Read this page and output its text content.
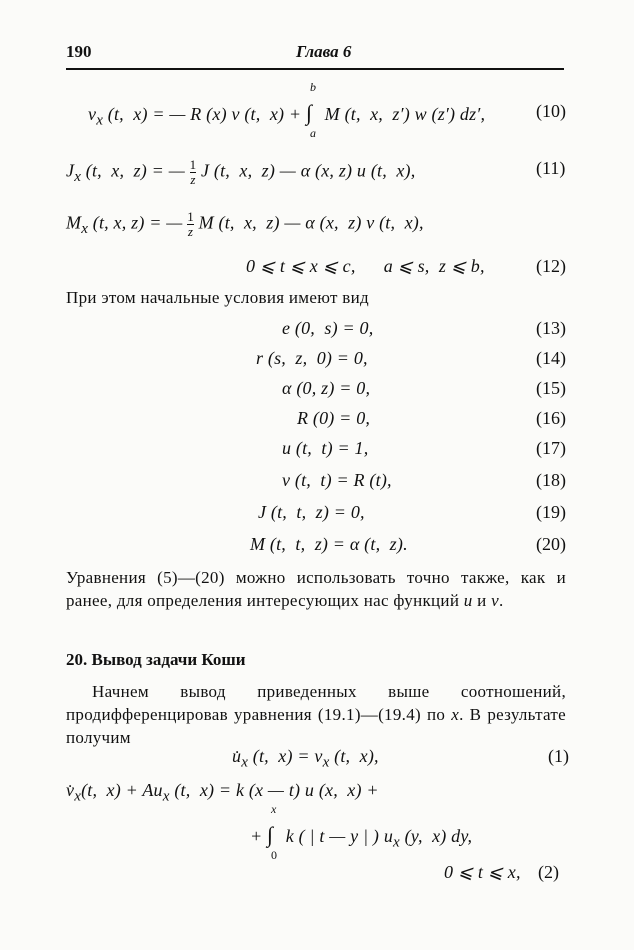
190	Глава 6
$v_x$ (t,  x) = — R (x) v (t,  x) + ∫
b
a
M (t,  x,  z′) w (z′) dz′,	(10)
$J_x$ (t,  x,  z) = — $\frac{1}{z}$ J (t,  x,  z) — α (x, z) u (t,  x),	(11)
$M_x$ (t, x, z) = — $\frac{1}{z}$ M (t,  x,  z) — α (x,  z) v (t,  x),
0 ⩽ t ⩽ x ⩽ c,      a ⩽ s,  z ⩽ b,	(12)
При этом начальные условия имеют вид
e (0,  s) = 0,	(13)
r (s,  z,  0) = 0,	(14)
α (0, z) = 0,	(15)
R (0) = 0,	(16)
u (t,  t) = 1,	(17)
v (t,  t) = R (t),	(18)
J (t,  t,  z) = 0,	(19)
M (t,  t,  z) = α (t,  z).	(20)
Уравнения (5)—(20) можно использовать точно также, как и ранее, для определения интересующих нас функций u и v.
20. Вывод задачи Коши
Начнем вывод приведенных выше соотношений, продифференцировав уравнения (19.1)—(19.4) по x. В результате получим
$u̇_x$ (t,  $x) = v_x$ (t,  x),	(1)
$v̇_x(t$,  $x) + Au_x$ (t,  x) = k (x — t) u (x,  x) +
+ ∫
x
0
k ( | t — y | ) $u_x$ (y,  x) dy,
0 ⩽ t ⩽ x, (2)
